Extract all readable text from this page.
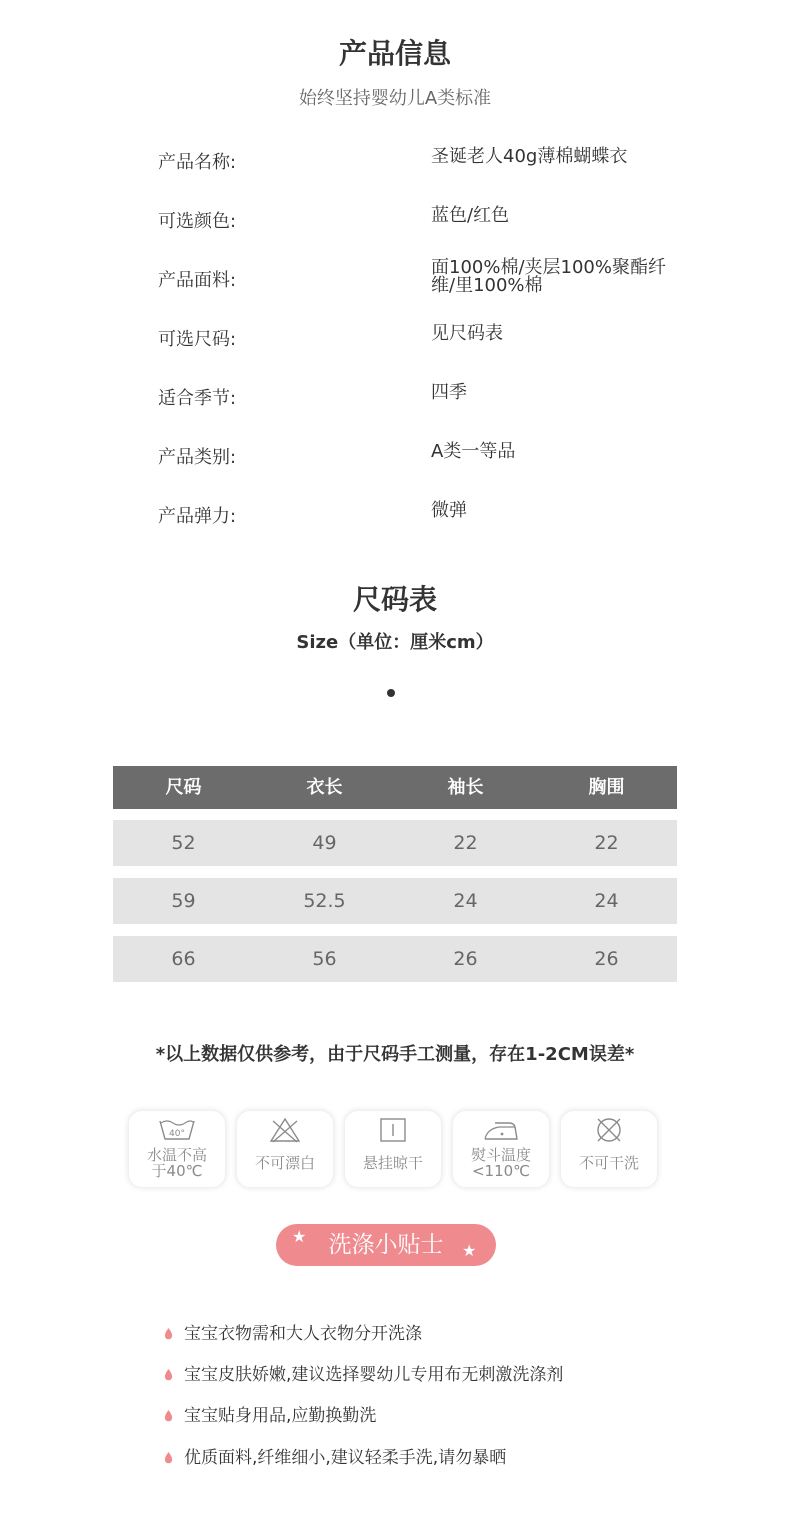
产品信息
始终坚持婴幼儿A类标准
产品名称:	圣诞老人40g薄棉蝴蝶衣
可选颜色:	蓝色/红色
产品面料:
面100%棉/夹层100%聚酯纤维/里100%棉
可选尺码:	见尺码表
适合季节:	四季
产品类别:	A类一等品
产品弹力:	微弹
尺码表
Size（单位：厘米cm）
尺码	衣长	袖长	胸围
52	49	22	22
59	52.5	24	24
66	56	26	26
*以上数据仅供参考，由于尺码手工测量，存在1-2CM误差*
40°
水温不高
于40℃	不可漂白	悬挂晾干	熨斗温度
<110℃	不可干洗
★
★
洗涤小贴士
宝宝衣物需和大人衣物分开洗涤
宝宝皮肤娇嫩,建议选择婴幼儿专用布无刺激洗涤剂
宝宝贴身用品,应勤换勤洗
优质面料,纤维细小,建议轻柔手洗,请勿暴晒
